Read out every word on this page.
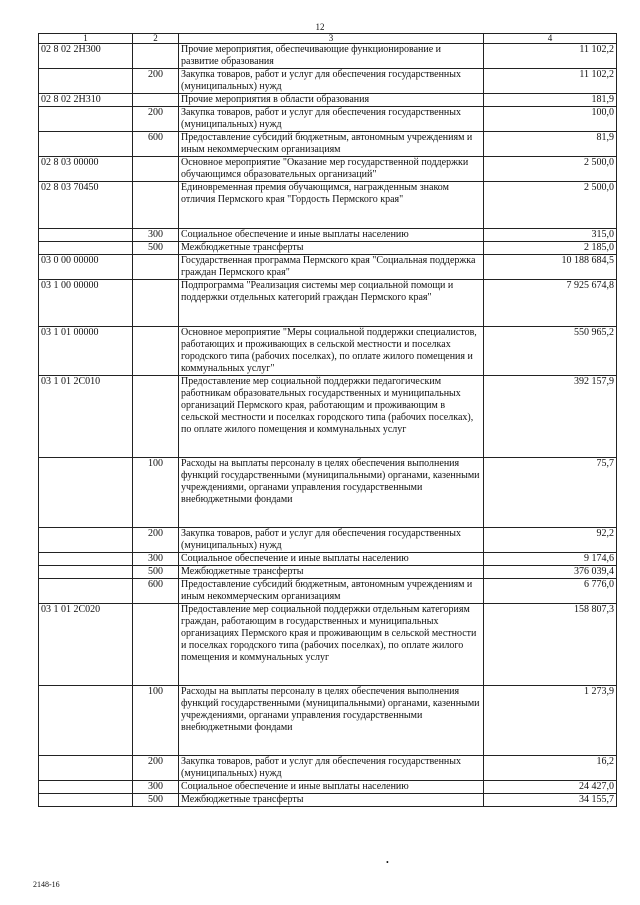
12
1	2	3	4
02 8 02 2Н300		Прочие мероприятия, обеспечивающие функционирование и развитие образования	11 102,2
	200	Закупка товаров, работ и услуг для обеспечения государственных (муниципальных) нужд	11 102,2
02 8 02 2Н310		Прочие мероприятия в области образования	181,9
	200	Закупка товаров, работ и услуг для обеспечения государственных (муниципальных) нужд	100,0
	600	Предоставление субсидий бюджетным, автономным учреждениям и иным некоммерческим организациям	81,9
02 8 03 00000		Основное мероприятие "Оказание мер государственной поддержки обучающимся образовательных организаций"	2 500,0
02 8 03 70450		Единовременная премия обучающимся, награжденным знаком отличия Пермского края "Гордость Пермского края"	2 500,0
	300	Социальное обеспечение и иные выплаты населению	315,0
	500	Межбюджетные трансферты	2 185,0
03 0 00 00000		Государственная программа Пермского края "Социальная поддержка граждан Пермского края"	10 188 684,5
03 1 00 00000		Подпрограмма "Реализация системы мер социальной помощи и поддержки отдельных категорий граждан Пермского края"	7 925 674,8
03 1 01 00000		Основное мероприятие "Меры социальной поддержки специалистов, работающих и проживающих в сельской местности и поселках городского типа (рабочих поселках), по оплате жилого помещения и коммунальных услуг"	550 965,2
03 1 01 2С010		Предоставление мер социальной поддержки педагогическим работникам образовательных государственных и муниципальных организаций Пермского края, работающим и проживающим в сельской местности и поселках городского типа (рабочих поселках), по оплате жилого помещения и коммунальных услуг	392 157,9
	100	Расходы на выплаты персоналу в целях обеспечения выполнения функций государственными (муниципальными) органами, казенными учреждениями, органами управления государственными внебюджетными фондами	75,7
	200	Закупка товаров, работ и услуг для обеспечения государственных (муниципальных) нужд	92,2
	300	Социальное обеспечение и иные выплаты населению	9 174,6
	500	Межбюджетные трансферты	376 039,4
	600	Предоставление субсидий бюджетным, автономным учреждениям и иным некоммерческим организациям	6 776,0
03 1 01 2С020		Предоставление мер социальной поддержки отдельным категориям граждан, работающим в государственных и муниципальных организациях Пермского края и проживающим в сельской местности и поселках городского типа (рабочих поселках), по оплате жилого помещения и коммунальных услуг	158 807,3
	100	Расходы на выплаты персоналу в целях обеспечения выполнения функций государственными (муниципальными) органами, казенными учреждениями, органами управления государственными внебюджетными фондами	1 273,9
	200	Закупка товаров, работ и услуг для обеспечения государственных (муниципальных) нужд	16,2
	300	Социальное обеспечение и иные выплаты населению	24 427,0
	500	Межбюджетные трансферты	34 155,7
•
2148-16
